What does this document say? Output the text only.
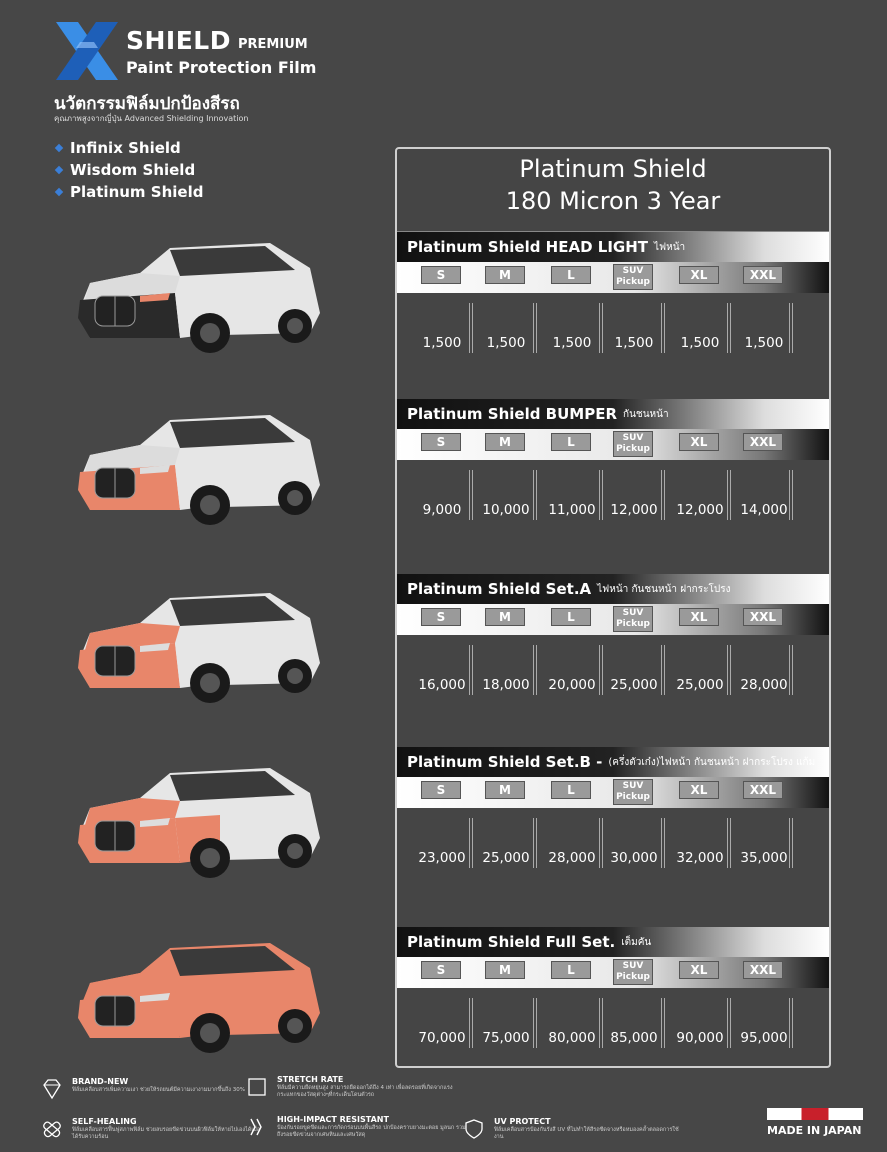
SHIELD PREMIUM
Paint Protection Film
นวัตกรรมฟิล์มปกป้องสีรถ
คุณภาพสูงจากญี่ปุ่น Advanced Shielding Innovation
Infinix Shield
Wisdom Shield
Platinum Shield
Platinum Shield
180 Micron 3 Year
Platinum Shield HEAD LIGHT ไฟหน้า
S	M	L	SUV Pickup	XL	XXL
1,500	1,500	1,500	1,500	1,500	1,500
Platinum Shield BUMPER กันชนหน้า
S	M	L	SUV Pickup	XL	XXL
9,000	10,000	11,000	12,000	12,000	14,000
Platinum Shield Set.A ไฟหน้า กันชนหน้า ฝากระโปรง
S	M	L	SUV Pickup	XL	XXL
16,000	18,000	20,000	25,000	25,000	28,000
Platinum Shield Set.B - (ครึ่งตัวเก๋ง)ไฟหน้า กันชนหน้า ฝากระโปรง แก้ม
S	M	L	SUV Pickup	XL	XXL
23,000	25,000	28,000	30,000	32,000	35,000
Platinum Shield Full Set. เต็มคัน
S	M	L	SUV Pickup	XL	XXL
70,000	75,000	80,000	85,000	90,000	95,000
BRAND-NEW
ฟิล์มเคลือบสารเพิ่มความเงา ช่วยให้รถยนต์มีความเงางามมากขึ้นถึง 30%
STRETCH RATE
ฟิล์มมีความยืดหยุ่นสูง สามารถยืดออกได้ถึง 4 เท่า เพื่อลดรอยที่เกิดจากแรงกระแทกของวัสดุต่างๆที่กระเด็นโดนตัวรถ
SELF-HEALING
ฟิล์มเคลือบสารฟื้นฟูสภาพฟิล์ม ช่วยลบรอยขีดข่วนบนผิวฟิล์มให้หายไปเองได้เมื่อได้รับความร้อน
HIGH-IMPACT RESISTANT
ป้องกันรอยขูดขีดและการกัดกร่อนบนพื้นสีรถ ปกป้องคราบยางมะตอย มูลนก รวมถึงรอยขีดข่วนจากเศษหินและเศษวัสดุ
UV PROTECT
ฟิล์มเคลือบสารป้องกันรังสี UV ที่ไม่ทำให้สีรถซีดจางหรือหมองคล้ำตลอดการใช้งาน	MADE IN JAPAN
